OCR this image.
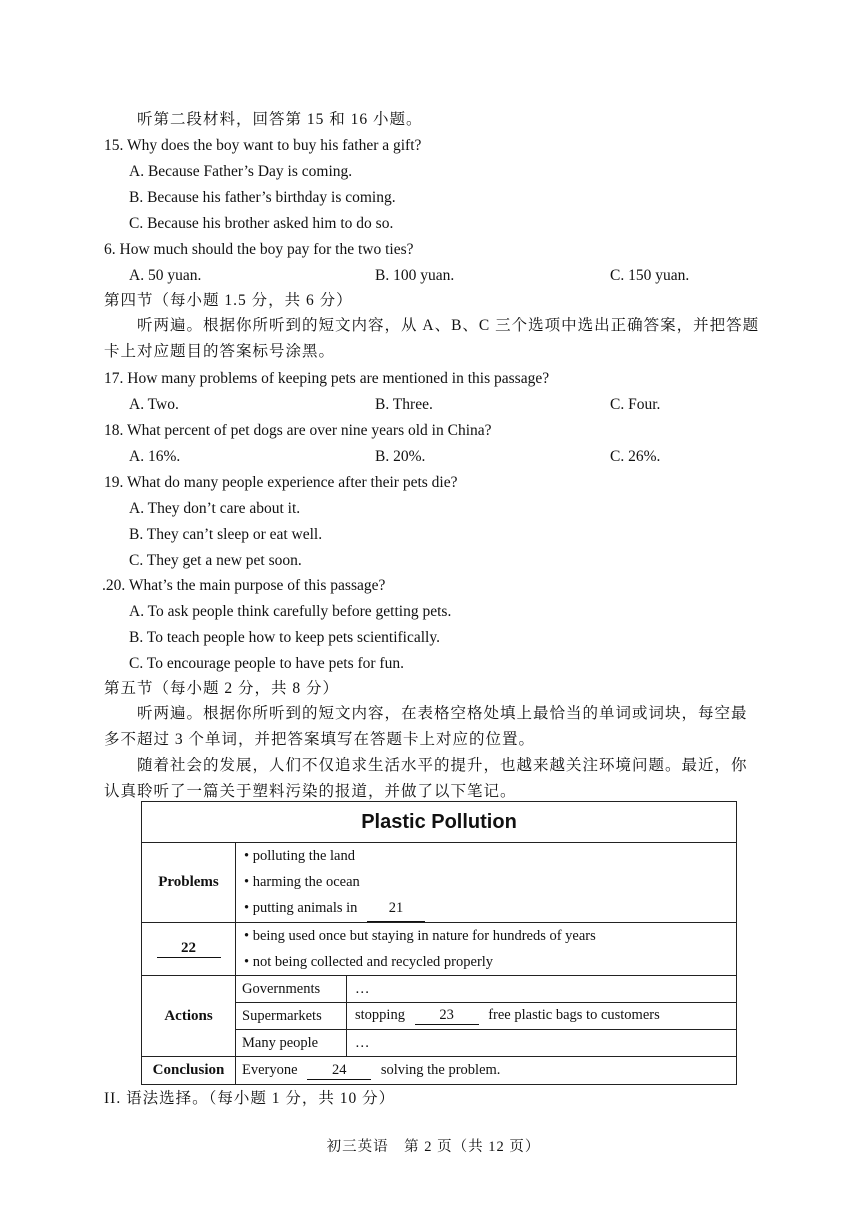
听第二段材料，回答第 15 和 16 小题。
15. Why does the boy want to buy his father a gift?
A. Because Father’s Day is coming.
B. Because his father’s birthday is coming.
C. Because his brother asked him to do so.
6. How much should the boy pay for the two ties?
A. 50 yuan.	B. 100 yuan.	C. 150 yuan.
第四节（每小题 1.5 分，共 6 分）
听两遍。根据你所听到的短文内容，从 A、B、C 三个选项中选出正确答案，并把答题
卡上对应题目的答案标号涂黑。
17. How many problems of keeping pets are mentioned in this passage?
A. Two.	B. Three.	C. Four.
18. What percent of pet dogs are over nine years old in China?
A. 16%.	B. 20%.	C. 26%.
19. What do many people experience after their pets die?
A. They don’t care about it.
B. They can’t sleep or eat well.
C. They get a new pet soon.
.20. What’s the main purpose of this passage?
A. To ask people think carefully before getting pets.
B. To teach people how to keep pets scientifically.
C. To encourage people to have pets for fun.
第五节（每小题 2 分，共 8 分）
听两遍。根据你所听到的短文内容，在表格空格处填上最恰当的单词或词块，每空最
多不超过 3 个单词，并把答案填写在答题卡上对应的位置。
随着社会的发展，人们不仅追求生活水平的提升，也越来越关注环境问题。最近，你
认真聆听了一篇关于塑料污染的报道，并做了以下笔记。
Plastic Pollution		
Problems	• polluting the land
• harming the ocean
• putting animals in 21	

22	• being used once but staying in nature for hundreds of years
• not being collected and recycled properly	

Actions	Governments	…
	Supermarkets	stopping 23 free plastic bags to customers
	Many people	…
Conclusion	Everyone 24 solving the problem.	
II. 语法选择。（每小题 1 分，共 10 分）
初三英语　第 2 页（共 12 页）
